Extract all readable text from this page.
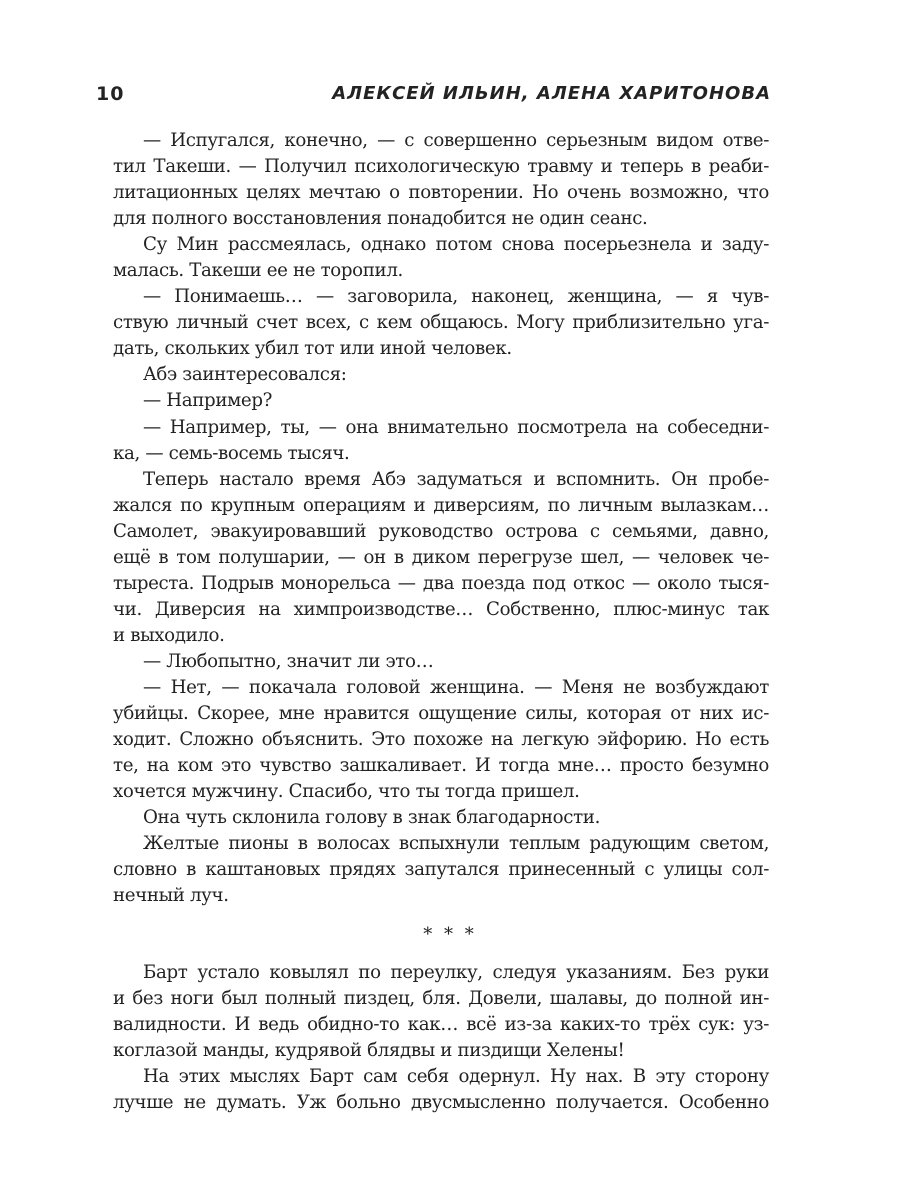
10	АЛЕКСЕЙ ИЛЬИН, АЛЕНА ХАРИТОНОВА
— Испугался, конечно, — с совершенно серьезным видом отве-
тил Такеши. — Получил психологическую травму и теперь в реаби-
литационных целях мечтаю о повторении. Но очень возможно, что
для полного восстановления понадобится не один сеанс.
Су Мин рассмеялась, однако потом снова посерьезнела и заду-
малась. Такеши ее не торопил.
— Понимаешь… — заговорила, наконец, женщина, — я чув-
ствую личный счет всех, с кем общаюсь. Могу приблизительно уга-
дать, скольких убил тот или иной человек.
Абэ заинтересовался:
— Например?
— Например, ты, — она внимательно посмотрела на собеседни-
ка, — семь-восемь тысяч.
Теперь настало время Абэ задуматься и вспомнить. Он пробе-
жался по крупным операциям и диверсиям, по личным вылазкам…
Самолет, эвакуировавший руководство острова с семьями, давно,
ещё в том полушарии, — он в диком перегрузе шел, — человек че-
тыреста. Подрыв монорельса — два поезда под откос — около тыся-
чи. Диверсия на химпроизводстве… Собственно, плюс-минус так
и выходило.
— Любопытно, значит ли это…
— Нет, — покачала головой женщина. — Меня не возбуждают
убийцы. Скорее, мне нравится ощущение силы, которая от них ис-
ходит. Сложно объяснить. Это похоже на легкую эйфорию. Но есть
те, на ком это чувство зашкаливает. И тогда мне… просто безумно
хочется мужчину. Спасибо, что ты тогда пришел.
Она чуть склонила голову в знак благодарности.
Желтые пионы в волосах вспыхнули теплым радующим светом,
словно в каштановых прядях запутался принесенный с улицы сол-
нечный луч.
* * *
Барт устало ковылял по переулку, следуя указаниям. Без руки
и без ноги был полный пиздец, бля. Довели, шалавы, до полной ин-
валидности. И ведь обидно-то как… всё из-за каких-то трёх сук: уз-
коглазой манды, кудрявой блядвы и пиздищи Хелены!
На этих мыслях Барт сам себя одернул. Ну нах. В эту сторону
лучше не думать. Уж больно двусмысленно получается. Особенно
